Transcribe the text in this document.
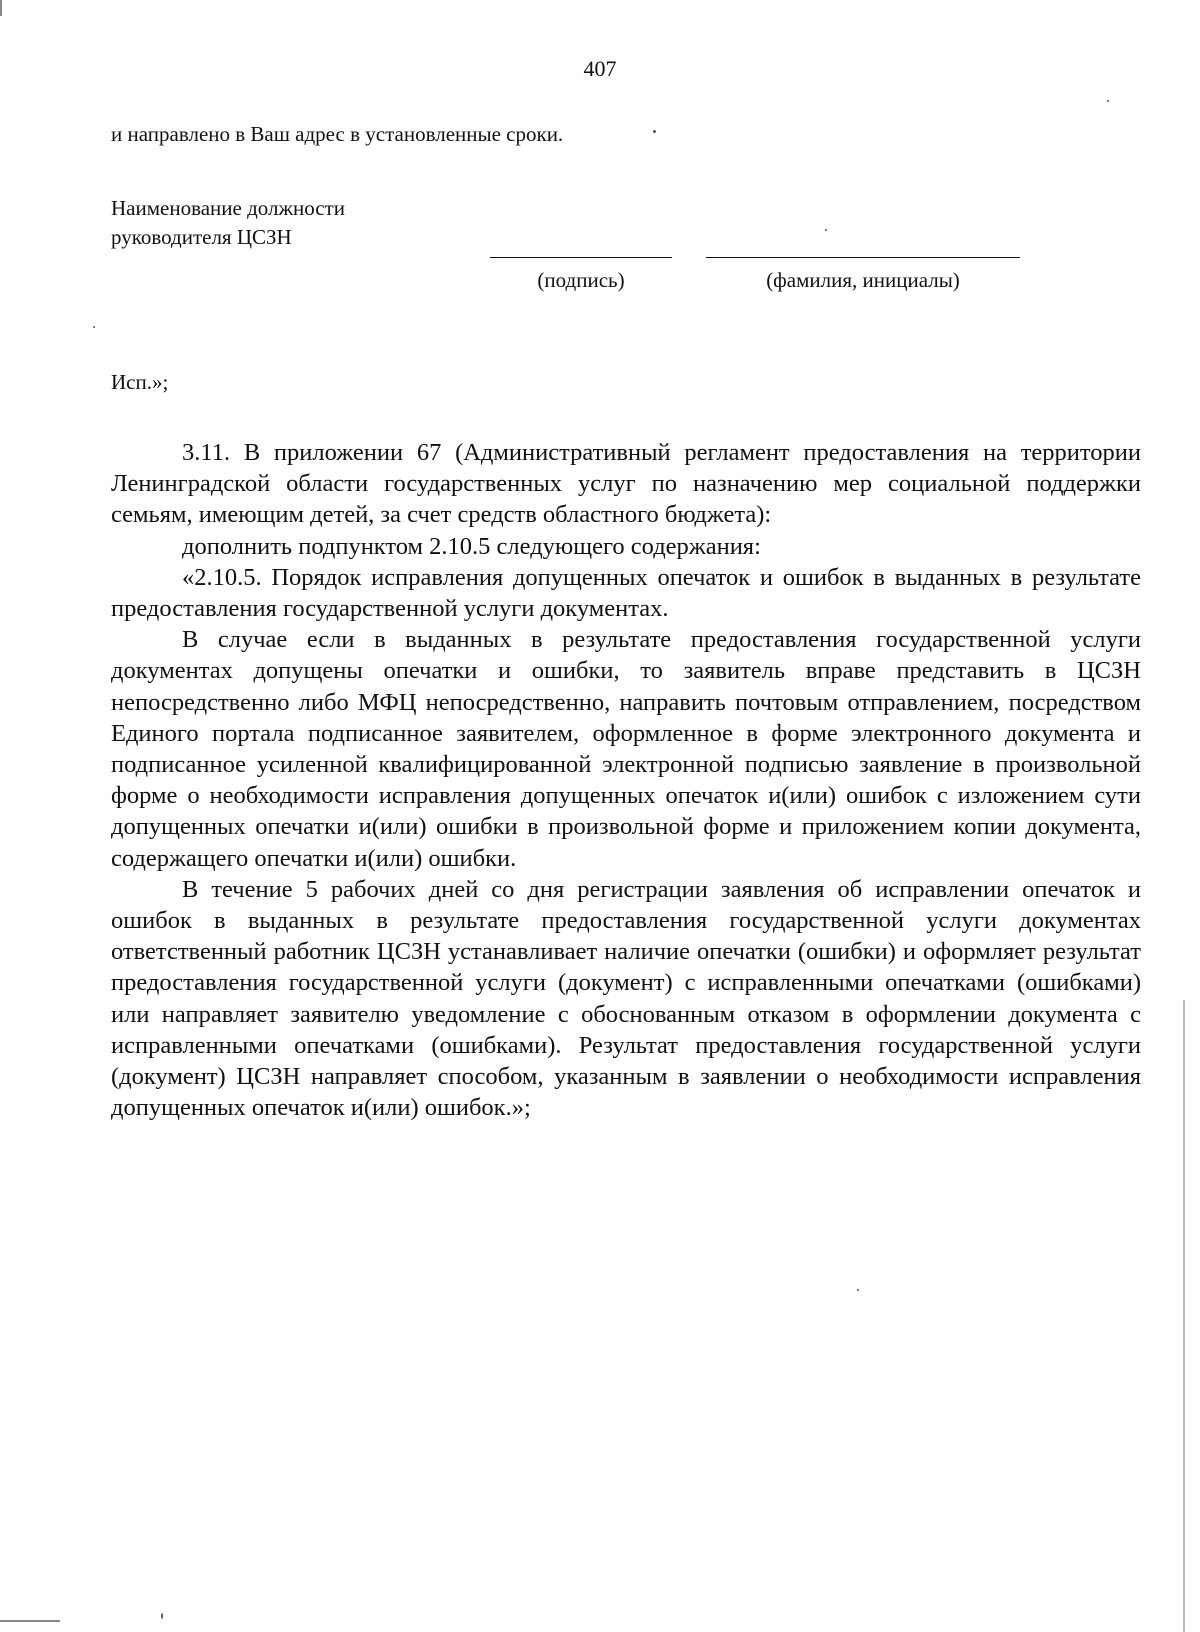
407
и направлено в Ваш адрес в установленные сроки.
Наименование должности
руководителя ЦСЗН
(подпись)	(фамилия, инициалы)
Исп.»;

3.11. В приложении 67 (Административный регламент предоставления на территории Ленинградской области государственных услуг по назначению мер социальной поддержки семьям, имеющим детей, за счет средств областного бюджета):

дополнить подпунктом 2.10.5 следующего содержания:

«2.10.5. Порядок исправления допущенных опечаток и ошибок в выданных в результате предоставления государственной услуги документах.

В случае если в выданных в результате предоставления государственной услуги документах допущены опечатки и ошибки, то заявитель вправе представить в ЦСЗН непосредственно либо МФЦ непосредственно, направить почтовым отправлением, посредством Единого портала подписанное заявителем, оформленное в форме электронного документа и подписанное усиленной квалифицированной электронной подписью заявление в произвольной форме о необходимости исправления допущенных опечаток и(или) ошибок с изложением сути допущенных опечатки и(или) ошибки в произвольной форме и приложением копии документа, содержащего опечатки и(или) ошибки.

В течение 5 рабочих дней со дня регистрации заявления об исправлении опечаток и ошибок в выданных в результате предоставления государственной услуги документах ответственный работник ЦСЗН устанавливает наличие опечатки (ошибки) и оформляет результат предоставления государственной услуги (документ) с исправленными опечатками (ошибками) или направляет заявителю уведомление с обоснованным отказом в оформлении документа с исправленными опечатками (ошибками). Результат предоставления государственной услуги (документ) ЦСЗН направляет способом, указанным в заявлении о необходимости исправления допущенных опечаток и(или) ошибок.»;
